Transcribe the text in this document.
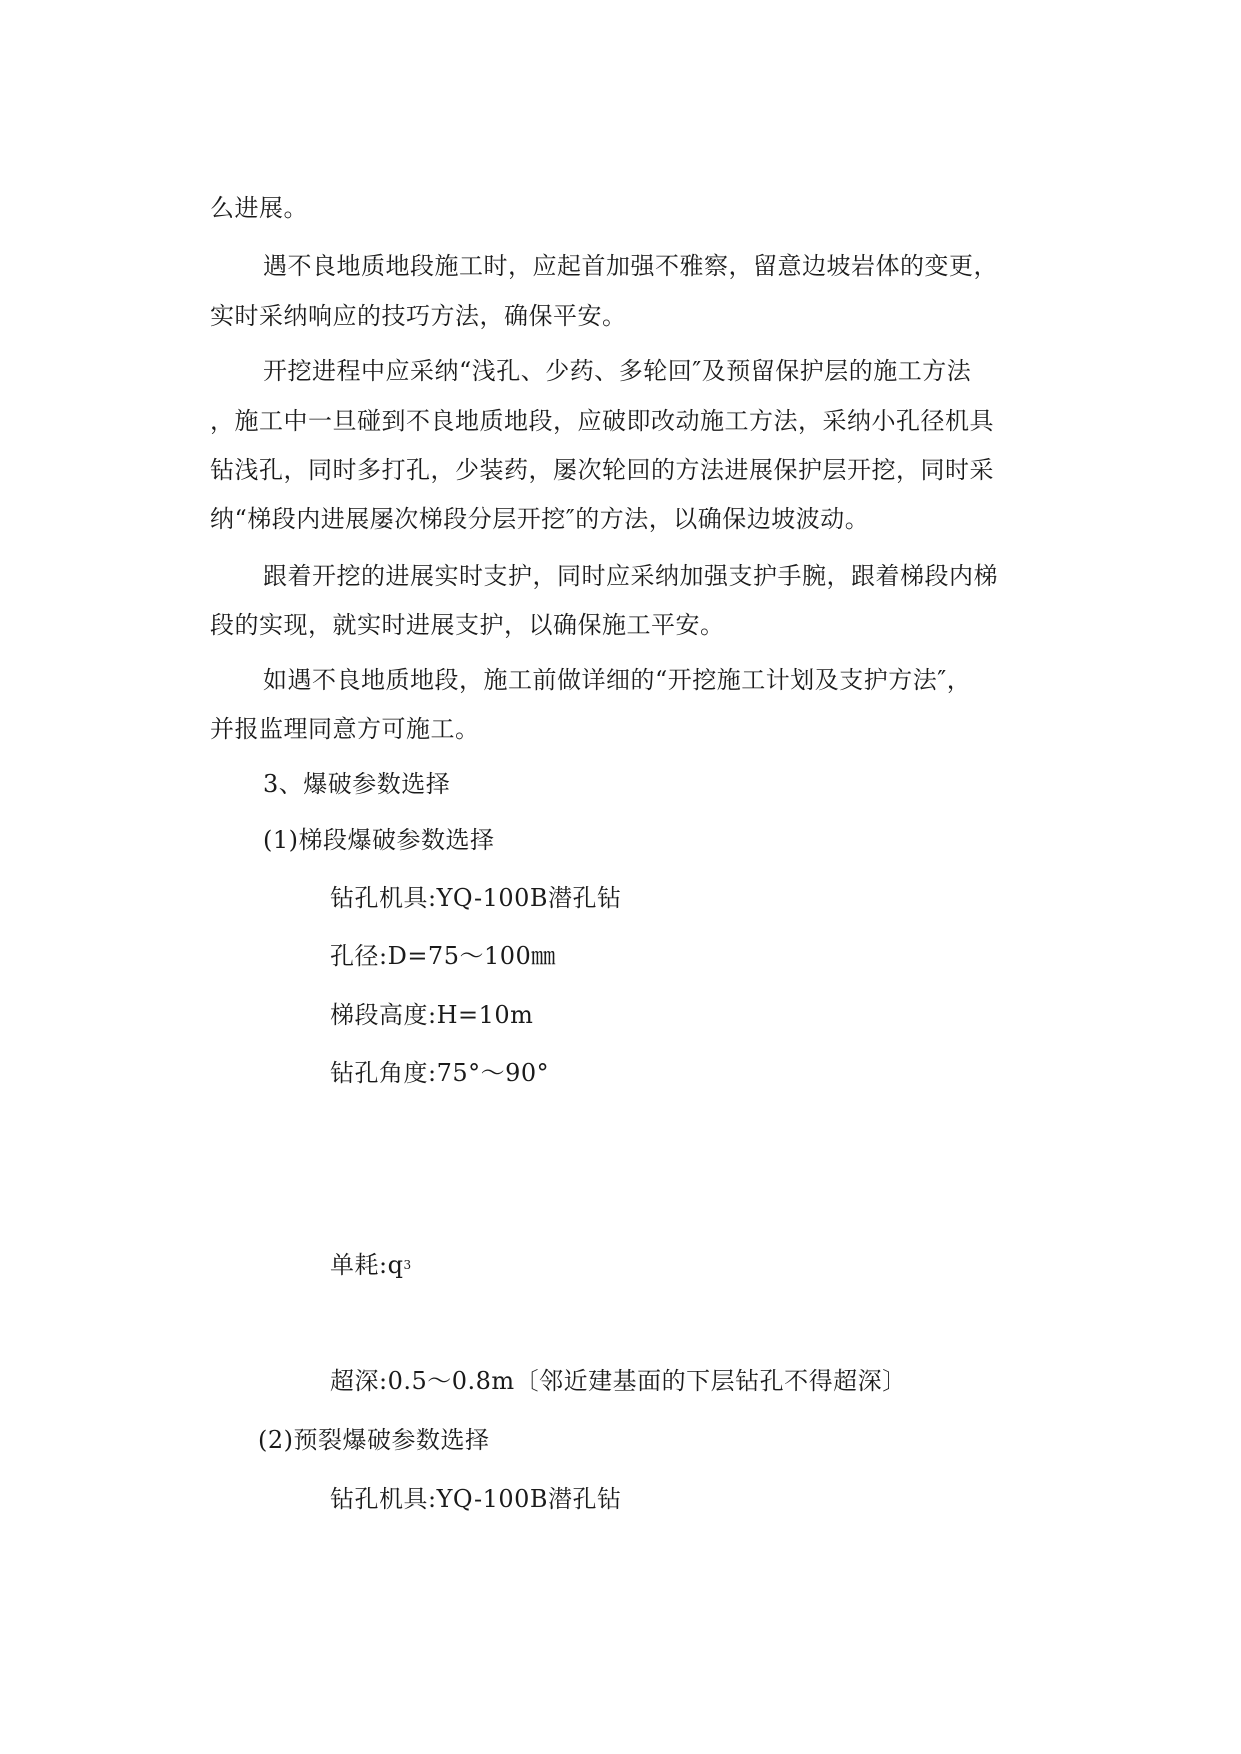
么进展。
遇不良地质地段施工时，应起首加强不雅察，留意边坡岩体的变更，
实时采纳响应的技巧方法，确保平安。
开挖进程中应采纳“浅孔、少药、多轮回″及预留保护层的施工方法
，施工中一旦碰到不良地质地段，应破即改动施工方法，采纳小孔径机具
钻浅孔，同时多打孔，少装药，屡次轮回的方法进展保护层开挖，同时采
纳“梯段内进展屡次梯段分层开挖″的方法，以确保边坡波动。
跟着开挖的进展实时支护，同时应采纳加强支护手腕，跟着梯段内梯
段的实现，就实时进展支护，以确保施工平安。
如遇不良地质地段，施工前做详细的“开挖施工计划及支护方法″，
并报监理同意方可施工。
3、爆破参数选择
(1)梯段爆破参数选择
钻孔机具:YQ-100B潜孔钻
孔径:D=75～100㎜
梯段高度:H=10m
钻孔角度:75°～90°
单耗$:q^3$
超深:0.5～0.8m〔邻近建基面的下层钻孔不得超深〕
(2)预裂爆破参数选择
钻孔机具:YQ-100B潜孔钻
